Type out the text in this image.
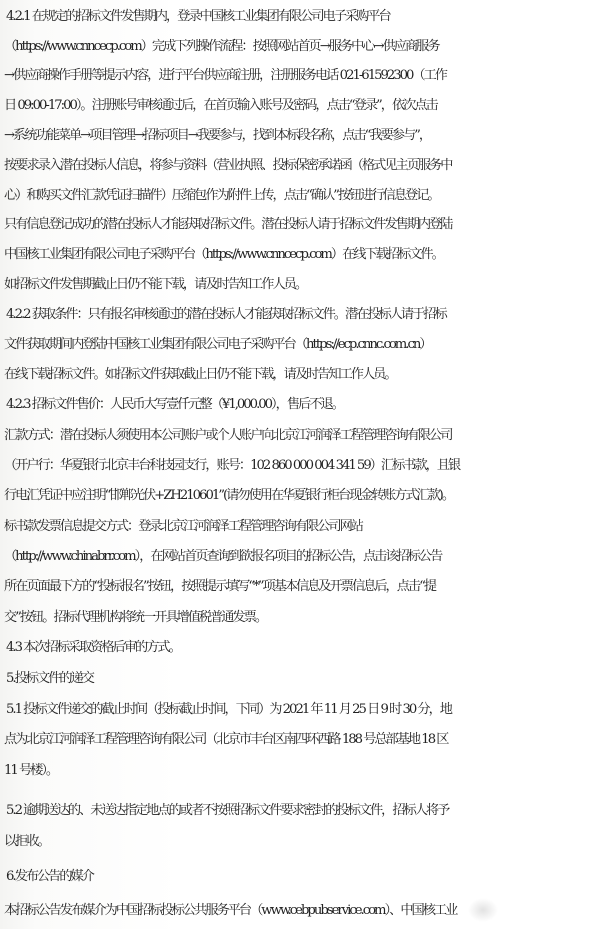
4.2.1 在规定的招标文件发售期内，登录中国核工业集团有限公司电子采购平台
（https://www.cnncecp.com）完成下列操作流程：按照网站首页→服务中心→供应商服务
→供应商操作手册等提示内容，进行平台供应商注册，注册服务电话 021-61592300（工作
日 09:00-17:00）。注册账号审核通过后，在首页输入账号及密码，点击“登录”，依次点击
→系统功能菜单→项目管理→招标项目→我要参与，找到本标段名称，点击“我要参与”，
按要求录入潜在投标人信息，将参与资料（营业执照、投标保密承诺函（格式见主页服务中
心）和购买文件汇款凭证扫描件）压缩包作为附件上传，点击“确认”按钮进行信息登记。
只有信息登记成功的潜在投标人才能获取招标文件。潜在投标人请于招标文件发售期内登陆
中国核工业集团有限公司电子采购平台（https://www.cnncecp.com）在线下载招标文件。
如招标文件发售期截止日仍不能下载，请及时告知工作人员。
4.2.2 获取条件：只有报名审核通过的潜在投标人才能获取招标文件。潜在投标人请于招标
文件获取期间内登陆中国核工业集团有限公司电子采购平台（https://ecp.cnnc.com.cn）
在线下载招标文件。如招标文件获取截止日仍不能下载，请及时告知工作人员。
4.2.3 招标文件售价：人民币大写壹仟元整（¥1,000.00），售后不退。
汇款方式：潜在投标人须使用本公司账户或个人账户向北京江河润泽工程管理咨询有限公司
（开户行：华夏银行北京丰台科技园支行，账号：102 860 000 004 341 59）汇标书款，且银
行电汇凭证中应注明“邯郸光伏+ZH210601”(请勿使用在华夏银行柜台现金转账方式汇款)。
标书款发票信息提交方式：登录北京江河润泽工程管理咨询有限公司网站
（http://www.chinabrr.com），在网站首页查询到欲报名项目的招标公告，点击该招标公告
所在页面最下方的“投标报名”按钮，按照提示填写“*”项基本信息及开票信息后，点击“提
交”按钮。招标代理机构将统一开具增值税普通发票。
4.3 本次招标采取资格后审的方式。
5.投标文件的递交
5.1 投标文件递交的截止时间（投标截止时间，下同）为 2021 年 11 月 25 日 9 时 30 分，地
点为北京江河润泽工程管理咨询有限公司（北京市丰台区南四环西路 188 号总部基地 18 区
11 号楼）。
5.2 逾期送达的、未送达指定地点的或者不按照招标文件要求密封的投标文件，招标人将予
以拒收。
6.发布公告的媒介
本招标公告发布媒介为中国招标投标公共服务平台（www.cebpubservice.com）、中国核工业
